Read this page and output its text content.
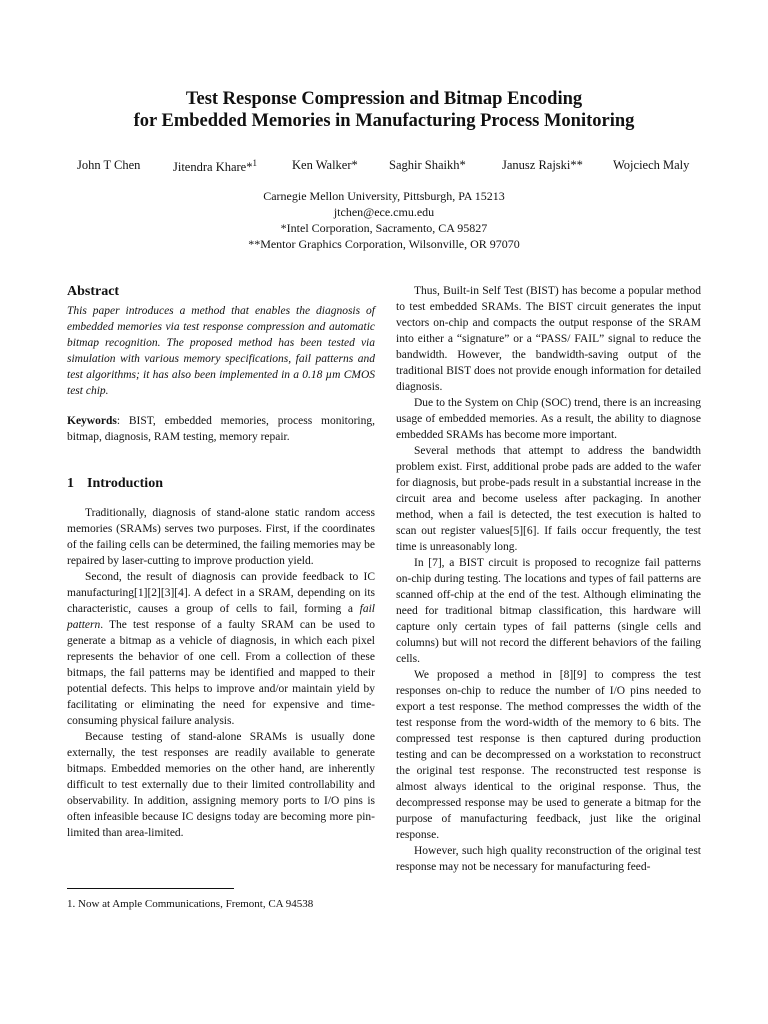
Test Response Compression and Bitmap Encoding
for Embedded Memories in Manufacturing Process Monitoring
John T Chen	Jitendra Khare*$^1$	Ken Walker* Saghir Shaikh*	Janusz Rajski** Wojciech Maly
Carnegie Mellon University, Pittsburgh, PA 15213
jtchen@ece.cmu.edu
*Intel Corporation, Sacramento, CA 95827
**Mentor Graphics Corporation, Wilsonville, OR 97070
Abstract

This paper introduces a method that enables the diagnosis of embedded memories via test response compression and automatic bitmap recognition. The proposed method has been tested via simulation with various memory specifications, fail patterns and test algorithms; it has also been implemented in a 0.18 µm CMOS test chip.

Keywords: BIST, embedded memories, process monitoring, bitmap, diagnosis, RAM testing, memory repair.

1 Introduction

Traditionally, diagnosis of stand-alone static random access memories (SRAMs) serves two purposes. First, if the coordinates of the failing cells can be determined, the failing memories may be repaired by laser-cutting to improve production yield.

Second, the result of diagnosis can provide feedback to IC manufacturing[1][2][3][4]. A defect in a SRAM, depending on its characteristic, causes a group of cells to fail, forming a fail pattern. The test response of a faulty SRAM can be used to generate a bitmap as a vehicle of diagnosis, in which each pixel represents the behavior of one cell. From a collection of these bitmaps, the fail patterns may be identified and mapped to their potential defects. This helps to improve and/or maintain yield by facilitating or eliminating the need for expensive and time-consuming physical failure analysis.

Because testing of stand-alone SRAMs is usually done externally, the test responses are readily available to generate bitmaps. Embedded memories on the other hand, are inherently difficult to test externally due to their limited controllability and observability. In addition, assigning memory ports to I/O pins is often infeasible because IC designs today are becoming more pin-limited than area-limited.

Thus, Built-in Self Test (BIST) has become a popular method to test embedded SRAMs. The BIST circuit generates the input vectors on-chip and compacts the output response of the SRAM into either a “signature” or a “PASS/ FAIL” signal to reduce the bandwidth. However, the bandwidth-saving output of the traditional BIST does not provide enough information for detailed diagnosis.

Due to the System on Chip (SOC) trend, there is an increasing usage of embedded memories. As a result, the ability to diagnose embedded SRAMs has become more important.

Several methods that attempt to address the bandwidth problem exist. First, additional probe pads are added to the wafer for diagnosis, but probe-pads result in a substantial increase in the circuit area and become useless after packaging. In another method, when a fail is detected, the test execution is halted to scan out register values[5][6]. If fails occur frequently, the test time is unreasonably long.

In [7], a BIST circuit is proposed to recognize fail patterns on-chip during testing. The locations and types of fail patterns are scanned off-chip at the end of the test. Although eliminating the need for traditional bitmap classification, this hardware will capture only certain types of fail patterns (single cells and columns) but will not record the different behaviors of the failing cells.

We proposed a method in [8][9] to compress the test responses on-chip to reduce the number of I/O pins needed to export a test response. The method compresses the width of the test response from the word-width of the memory to 6 bits. The compressed test response is then captured during production testing and can be decompressed on a workstation to reconstruct the original test response. The reconstructed test response is almost always identical to the original response. Thus, the decompressed response may be used to generate a bitmap for the purpose of manufacturing feedback, just like the original response.

However, such high quality reconstruction of the original test response may not be necessary for manufacturing feed-

1. Now at Ample Communications, Fremont, CA 94538
